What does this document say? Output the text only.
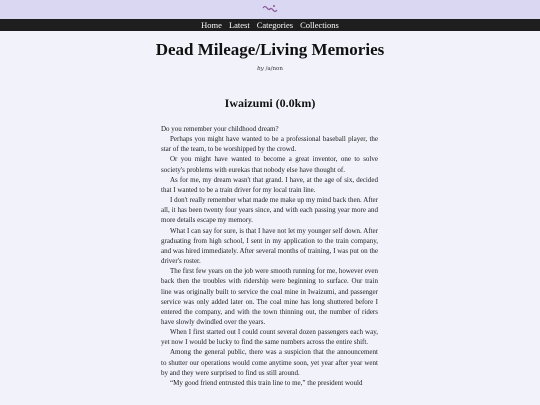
Home Latest Categories Collections
Dead Mileage/Living Memories
by /a/non
Iwaizumi (0.0km)

Do you remember your childhood dream?

Perhaps you might have wanted to be a professional baseball player, the star of the team, to be worshipped by the crowd.

Or you might have wanted to become a great inventor, one to solve society's problems with eurekas that nobody else have thought of.

As for me, my dream wasn't that grand. I have, at the age of six, decided that I wanted to be a train driver for my local train line.

I don't really remember what made me make up my mind back then. After all, it has been twenty four years since, and with each passing year more and more details escape my memory.

What I can say for sure, is that I have not let my younger self down. After graduating from high school, I sent in my application to the train company, and was hired immediately. After several months of training, I was put on the driver's roster.

The first few years on the job were smooth running for me, however even back then the troubles with ridership were beginning to surface. Our train line was originally built to service the coal mine in Iwaizumi, and passenger service was only added later on. The coal mine has long shuttered before I entered the company, and with the town thinning out, the number of riders have slowly dwindled over the years.

When I first started out I could count several dozen passengers each way, yet now I would be lucky to find the same numbers across the entire shift.

Among the general public, there was a suspicion that the announcement to shutter our operations would come anytime soon, yet year after year went by and they were surprised to find us still around.

“My good friend entrusted this train line to me,” the president would
